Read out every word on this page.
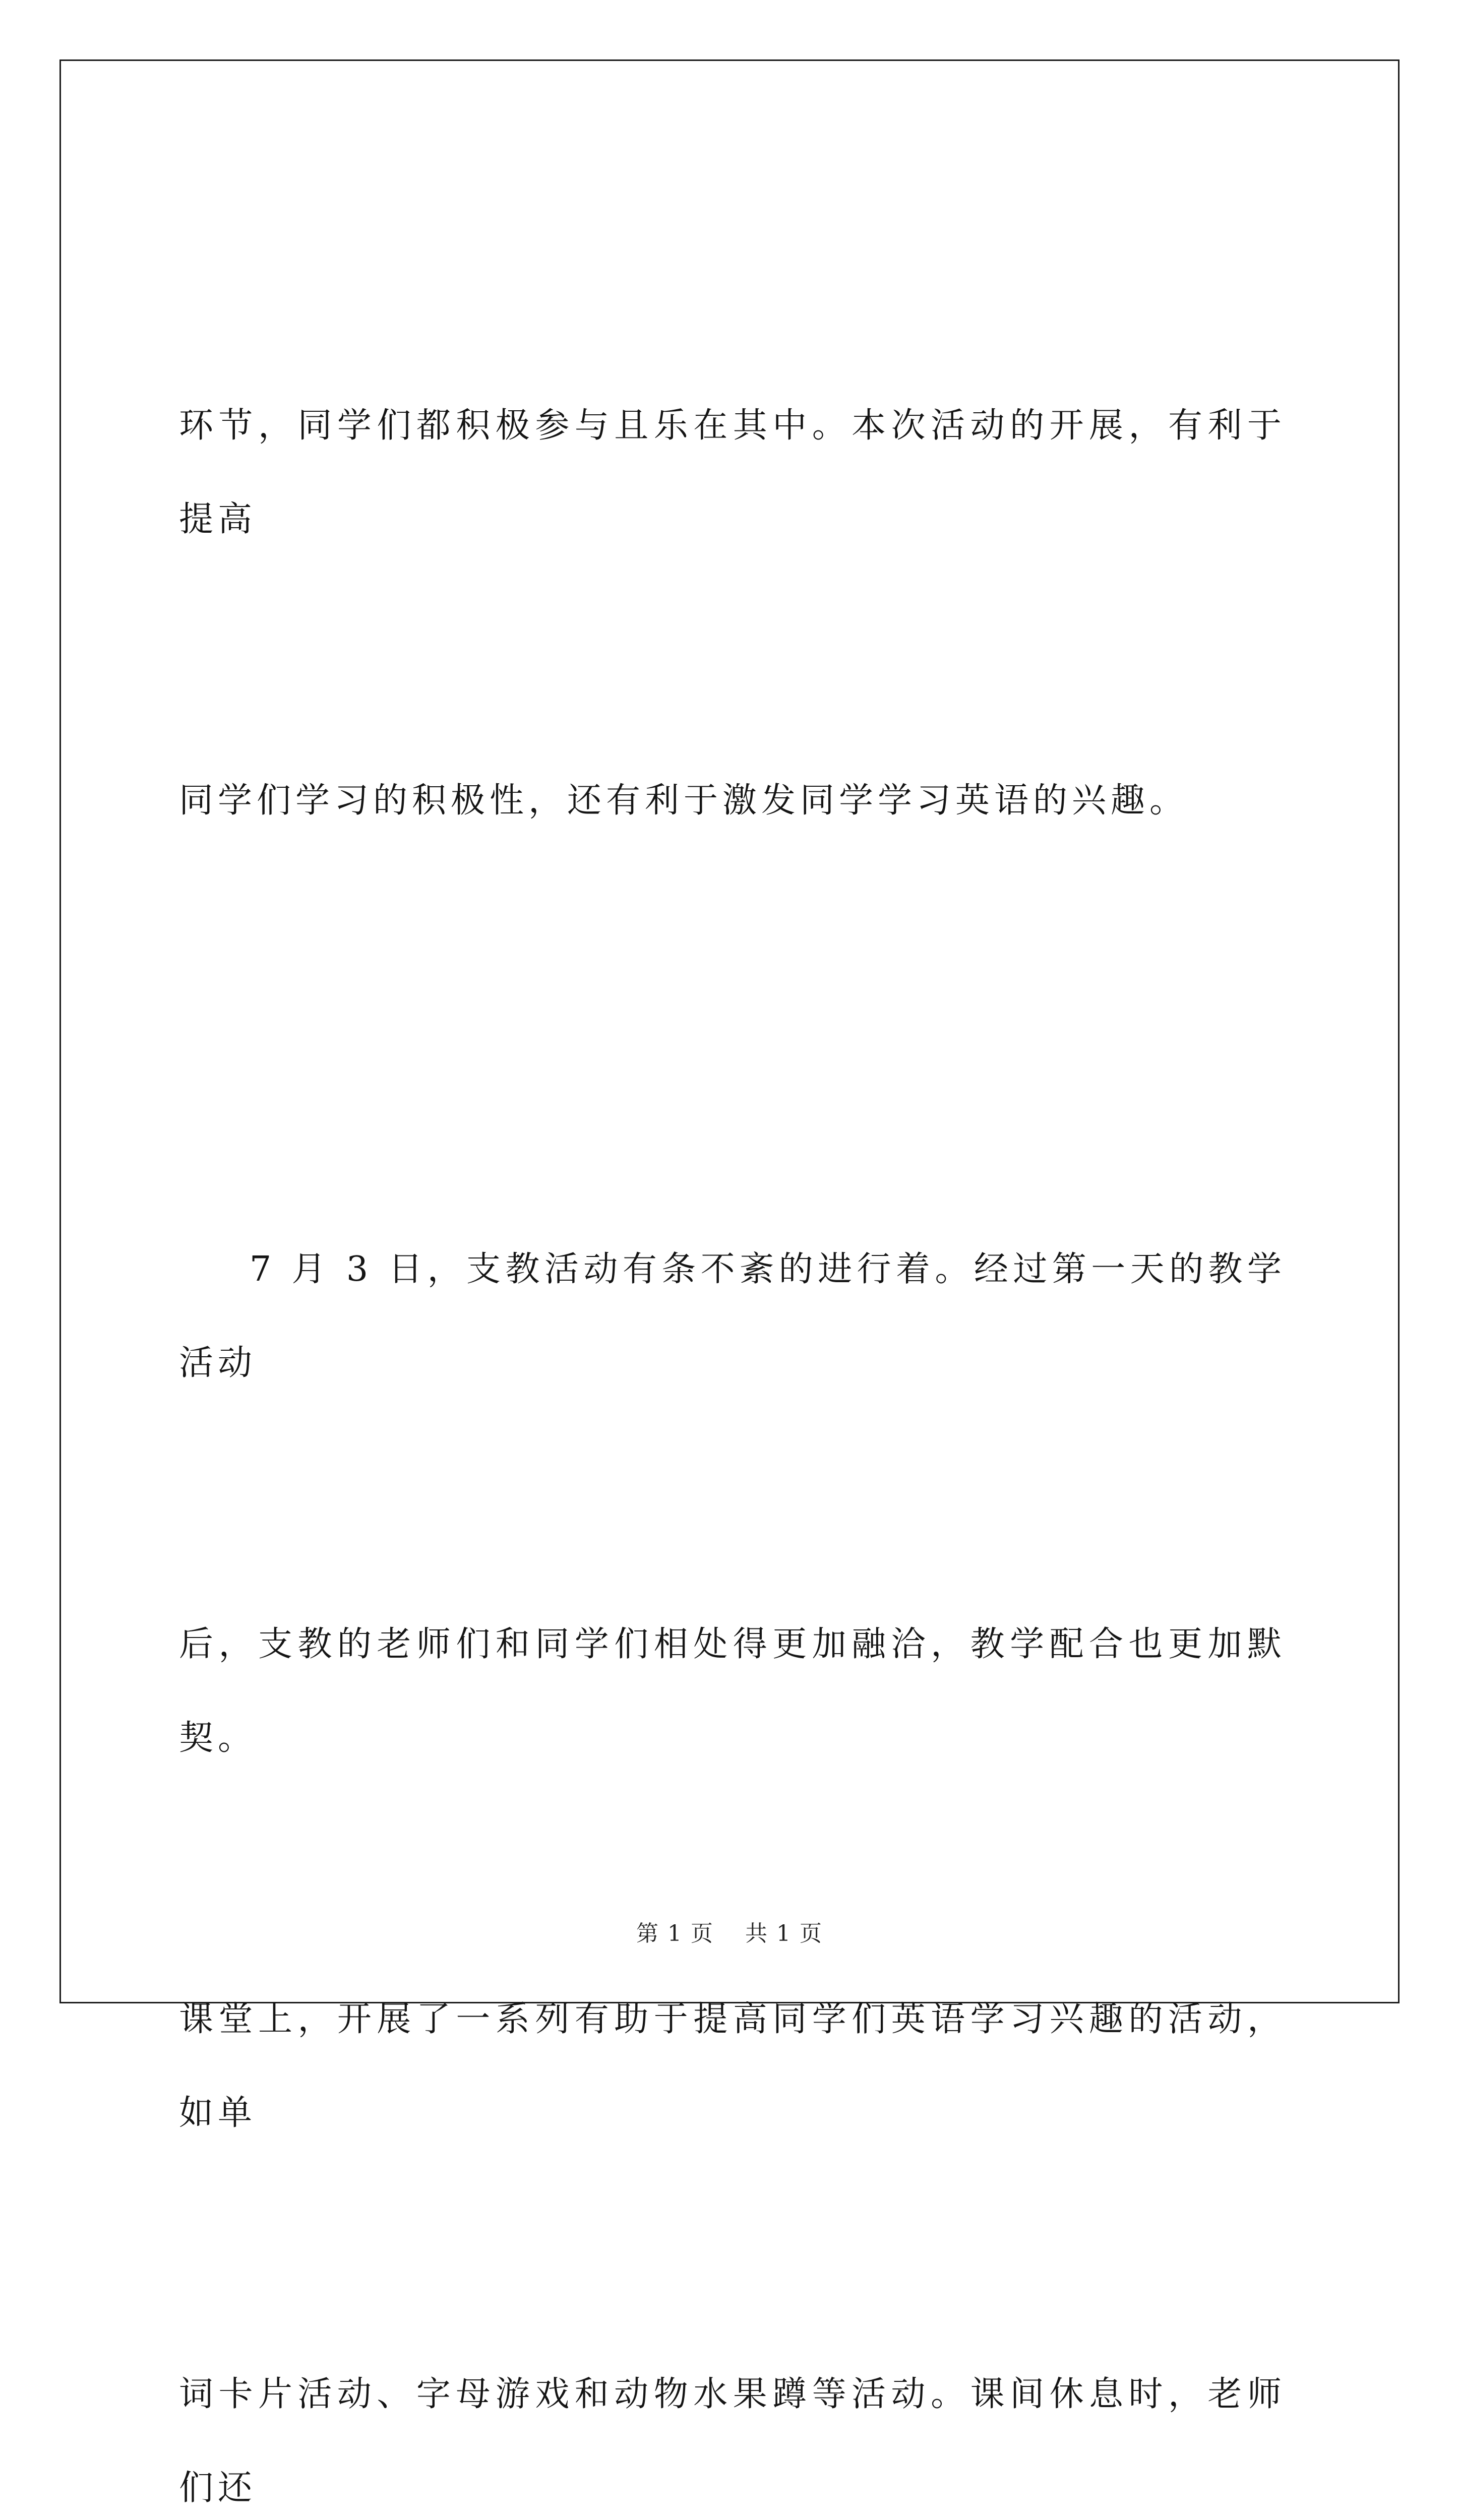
环节，同学们都积极参与且乐在其中。本次活动的开展，有利于提高

同学们学习的积极性，还有利于激发同学学习英语的兴趣。

7 月 3 日，支教活动有条不紊的进行着。经过第一天的教学活动

后，支教的老师们和同学们相处得更加融洽，教学配合也更加默契。

课堂上，开展了一系列有助于提高同学们英语学习兴趣的活动，如单

词卡片活动、字母游戏和动物水果蹲等活动。课间休息时，老师们还

第 1 页　 共 1 页
